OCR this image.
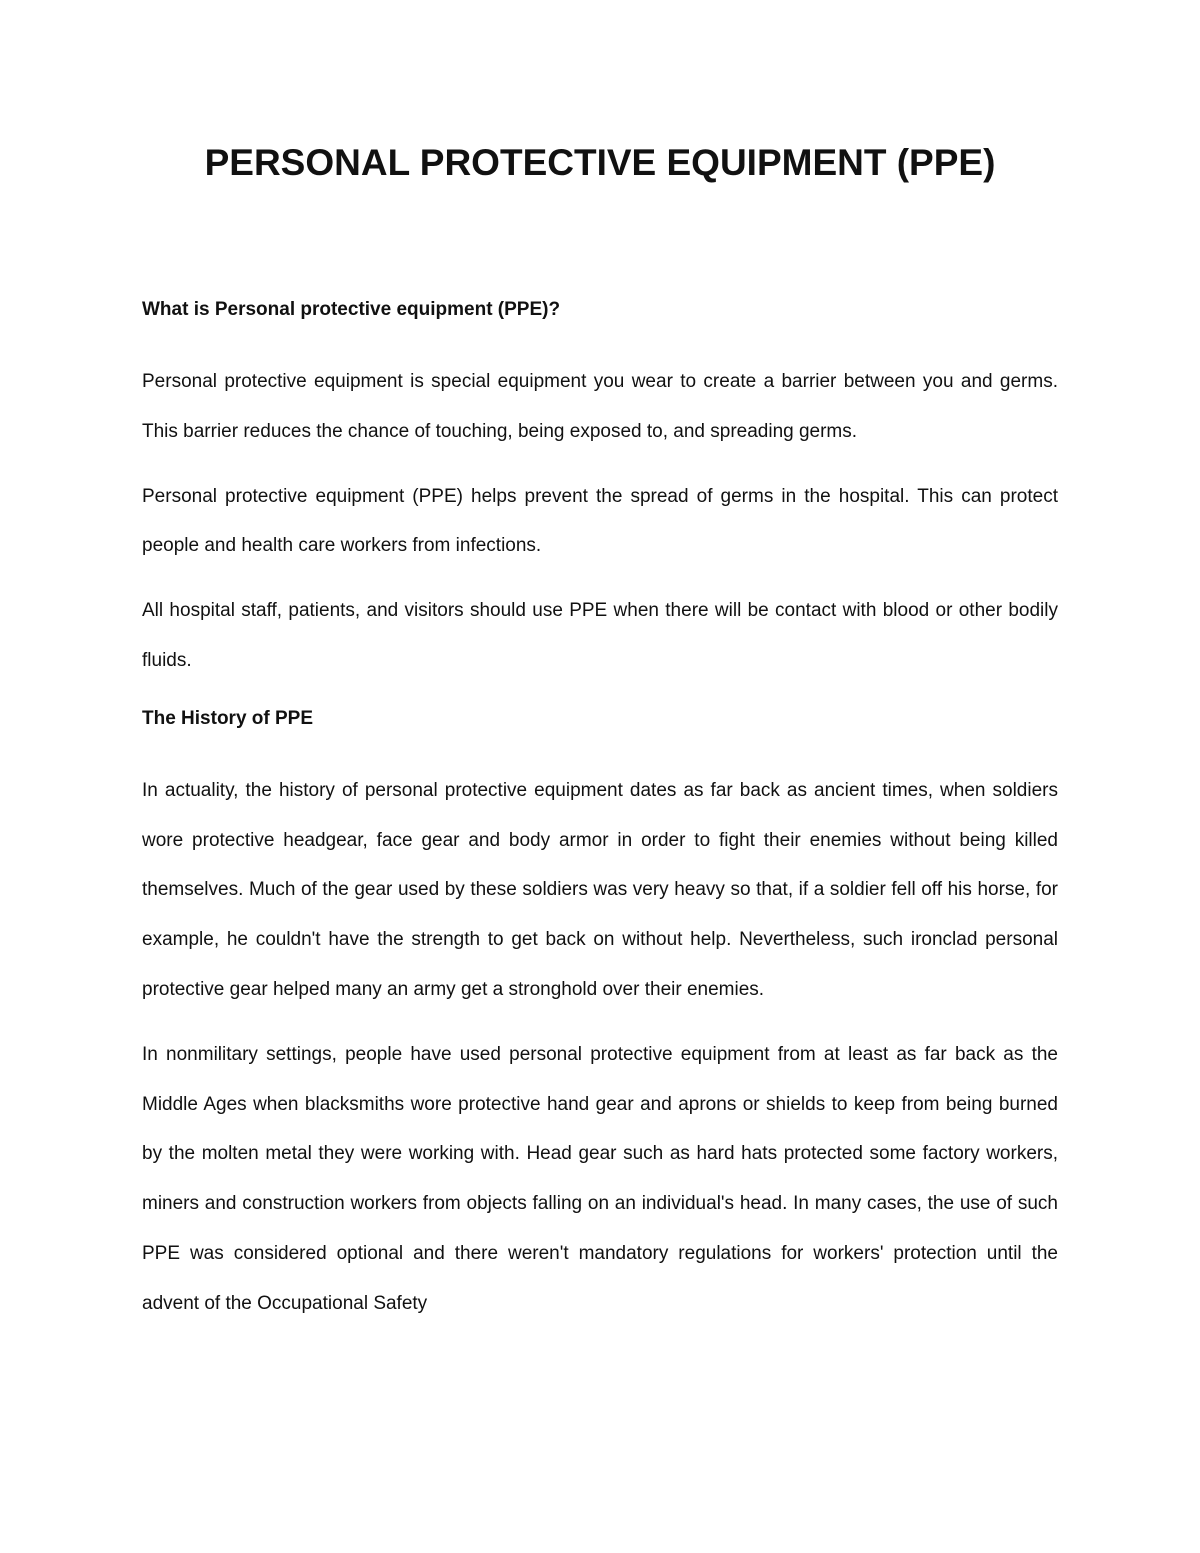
PERSONAL PROTECTIVE EQUIPMENT (PPE)
What is Personal protective equipment (PPE)?

Personal protective equipment is special equipment you wear to create a barrier between you and germs. This barrier reduces the chance of touching, being exposed to, and spreading germs.

Personal protective equipment (PPE) helps prevent the spread of germs in the hospital. This can protect people and health care workers from infections.

All hospital staff, patients, and visitors should use PPE when there will be contact with blood or other bodily fluids.

The History of PPE

In actuality, the history of personal protective equipment dates as far back as ancient times, when soldiers wore protective headgear, face gear and body armor in order to fight their enemies without being killed themselves. Much of the gear used by these soldiers was very heavy so that, if a soldier fell off his horse, for example, he couldn't have the strength to get back on without help. Nevertheless, such ironclad personal protective gear helped many an army get a stronghold over their enemies.

In nonmilitary settings, people have used personal protective equipment from at least as far back as the Middle Ages when blacksmiths wore protective hand gear and aprons or shields to keep from being burned by the molten metal they were working with. Head gear such as hard hats protected some factory workers, miners and construction workers from objects falling on an individual's head. In many cases, the use of such PPE was considered optional and there weren't mandatory regulations for workers' protection until the advent of the Occupational Safety
